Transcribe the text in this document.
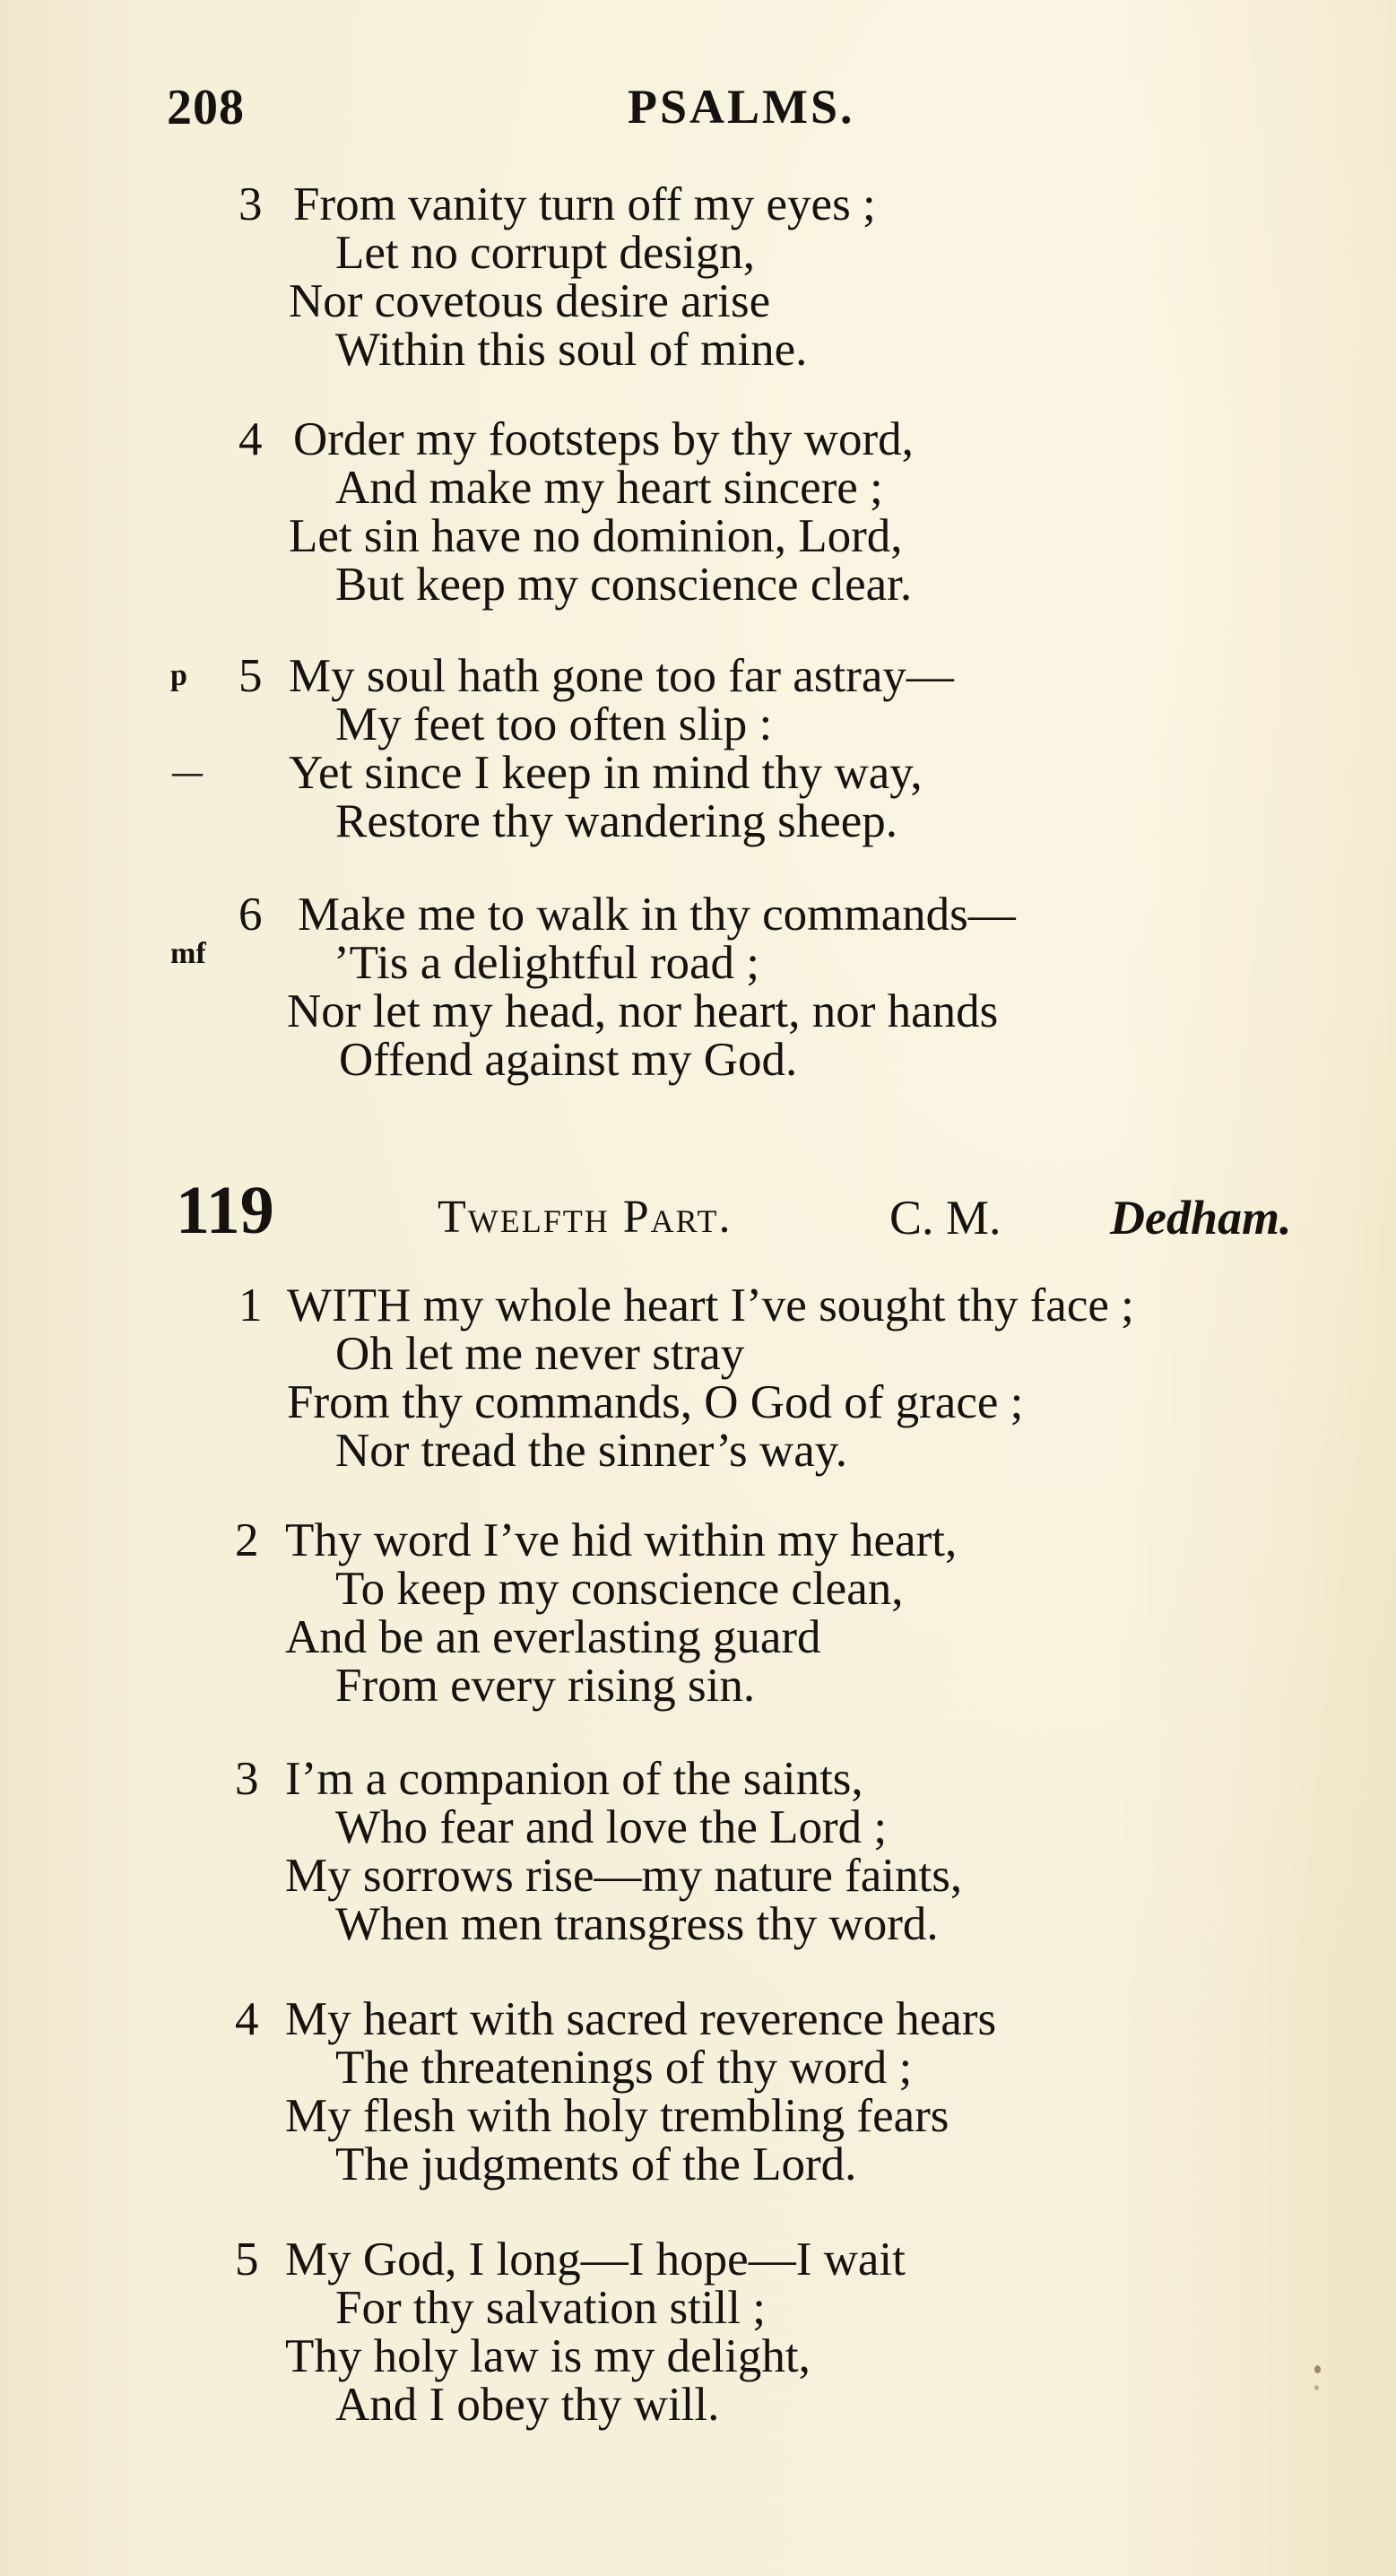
208	PSALMS.
3 From vanity turn off my eyes ;
Let no corrupt design,
Nor covetous desire arise
Within this soul of mine.
4 Order my footsteps by thy word,
And make my heart sincere ;
Let sin have no dominion, Lord,
But keep my conscience clear.
p 5 My soul hath gone too far astray—
My feet too often slip :
— Yet since I keep in mind thy way,
Restore thy wandering sheep.
6 Make me to walk in thy commands—
mf	’Tis a delightful road ;
Nor let my head, nor heart, nor hands
Offend against my God.
119	Twelfth Part.	C. M. Dedham.
1 WITH my whole heart I’ve sought thy face ;
Oh let me never stray
From thy commands, O God of grace ;
Nor tread the sinner’s way.
2 Thy word I’ve hid within my heart,
To keep my conscience clean,
And be an everlasting guard
From every rising sin.
3 I’m a companion of the saints,
Who fear and love the Lord ;
My sorrows rise—my nature faints,
When men transgress thy word.
4 My heart with sacred reverence hears
The threatenings of thy word ;
My flesh with holy trembling fears
The judgments of the Lord.
5 My God, I long—I hope—I wait
For thy salvation still ;
Thy holy law is my delight,
And I obey thy will.
